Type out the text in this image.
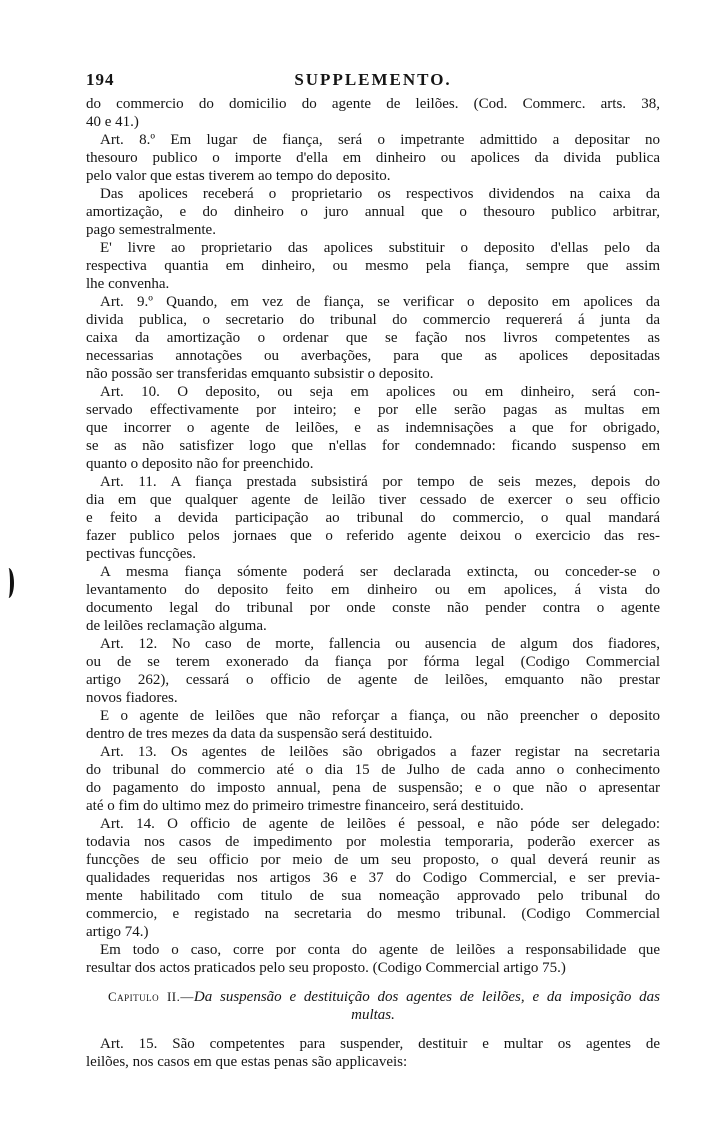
194	SUPPLEMENTO.
do commercio do domicilio do agente de leilões. (Cod. Commerc. arts. 38,
40 e 41.)
Art. 8.º Em lugar de fiança, será o impetrante admittido a depositar no
thesouro publico o importe d'ella em dinheiro ou apolices da divida publica
pelo valor que estas tiverem ao tempo do deposito.
Das apolices receberá o proprietario os respectivos dividendos na caixa da
amortização, e do dinheiro o juro annual que o thesouro publico arbitrar,
pago semestralmente.
E' livre ao proprietario das apolices substituir o deposito d'ellas pelo da
respectiva quantia em dinheiro, ou mesmo pela fiança, sempre que assim
lhe convenha.
Art. 9.º Quando, em vez de fiança, se verificar o deposito em apolices da
divida publica, o secretario do tribunal do commercio requererá á junta da
caixa da amortização o ordenar que se fação nos livros competentes as
necessarias annotações ou averbações, para que as apolices depositadas
não possão ser transferidas emquanto subsistir o deposito.
Art. 10. O deposito, ou seja em apolices ou em dinheiro, será con-
servado effectivamente por inteiro; e por elle serão pagas as multas em
que incorrer o agente de leilões, e as indemnisações a que for obrigado,
se as não satisfizer logo que n'ellas for condemnado: ficando suspenso em
quanto o deposito não for preenchido.
Art. 11. A fiança prestada subsistirá por tempo de seis mezes, depois do
dia em que qualquer agente de leilão tiver cessado de exercer o seu officio
e feito a devida participação ao tribunal do commercio, o qual mandará
fazer publico pelos jornaes que o referido agente deixou o exercicio das res-
pectivas funcções.
A mesma fiança sómente poderá ser declarada extincta, ou conceder-se o
levantamento do deposito feito em dinheiro ou em apolices, á vista do
documento legal do tribunal por onde conste não pender contra o agente
de leilões reclamação alguma.
Art. 12. No caso de morte, fallencia ou ausencia de algum dos fiadores,
ou de se terem exonerado da fiança por fórma legal (Codigo Commercial
artigo 262), cessará o officio de agente de leilões, emquanto não prestar
novos fiadores.
E o agente de leilões que não reforçar a fiança, ou não preencher o deposito
dentro de tres mezes da data da suspensão será destituido.
Art. 13. Os agentes de leilões são obrigados a fazer registar na secretaria
do tribunal do commercio até o dia 15 de Julho de cada anno o conhecimento
do pagamento do imposto annual, pena de suspensão; e o que não o apresentar
até o fim do ultimo mez do primeiro trimestre financeiro, será destituido.
Art. 14. O officio de agente de leilões é pessoal, e não póde ser delegado:
todavia nos casos de impedimento por molestia temporaria, poderão exercer as
funcções de seu officio por meio de um seu proposto, o qual deverá reunir as
qualidades requeridas nos artigos 36 e 37 do Codigo Commercial, e ser previa-
mente habilitado com titulo de sua nomeação approvado pelo tribunal do
commercio, e registado na secretaria do mesmo tribunal. (Codigo Commercial
artigo 74.)
Em todo o caso, corre por conta do agente de leilões a responsabilidade que
resultar dos actos praticados pelo seu proposto. (Codigo Commercial artigo 75.)
Capitulo II.—Da suspensão e destituição dos agentes de leilões, e da imposição das
multas.
Art. 15. São competentes para suspender, destituir e multar os agentes de
leilões, nos casos em que estas penas são applicaveis:
